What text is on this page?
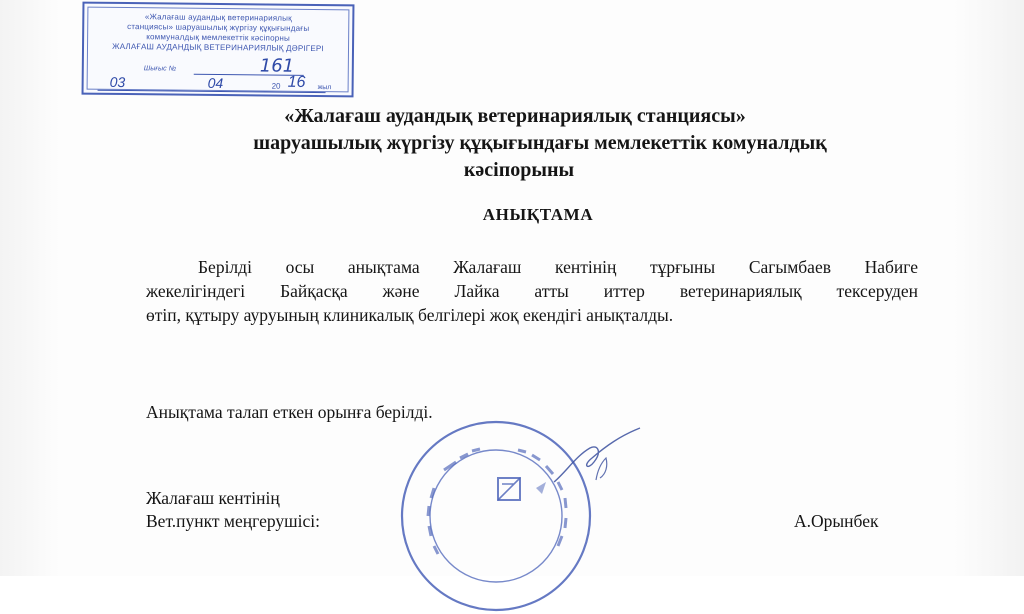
«Жалағаш аудандық ветеринариялық
станциясы» шаруашылық жүргізу құқығындағы
коммуналдық мемлекеттік кәсіпорны
ЖАЛАҒАШ АУДАНДЫҚ ВЕТЕРИНАРИЯЛЫҚ ДӘРІГЕРІ
Шығыс №	161
03	04	20 16 жыл
«Жалағаш аудандық ветеринариялық станциясы»
шаруашылық жүргізу құқығындағы мемлекеттік комуналдық
кәсіпорыны
АНЫҚТАМА
Берілді осы анықтама Жалағаш кентінің тұрғыны Сагымбаев Набиге
жекелігіндегі Байқасқа және Лайка атты иттер ветеринариялық тексеруден
өтіп, құтыру ауруының клиникалық белгілері жоқ екендігі анықталды.
Анықтама талап еткен орынға берілді.
Жалағаш кентінің
Вет.пункт меңгерушісі:	А.Орынбек
